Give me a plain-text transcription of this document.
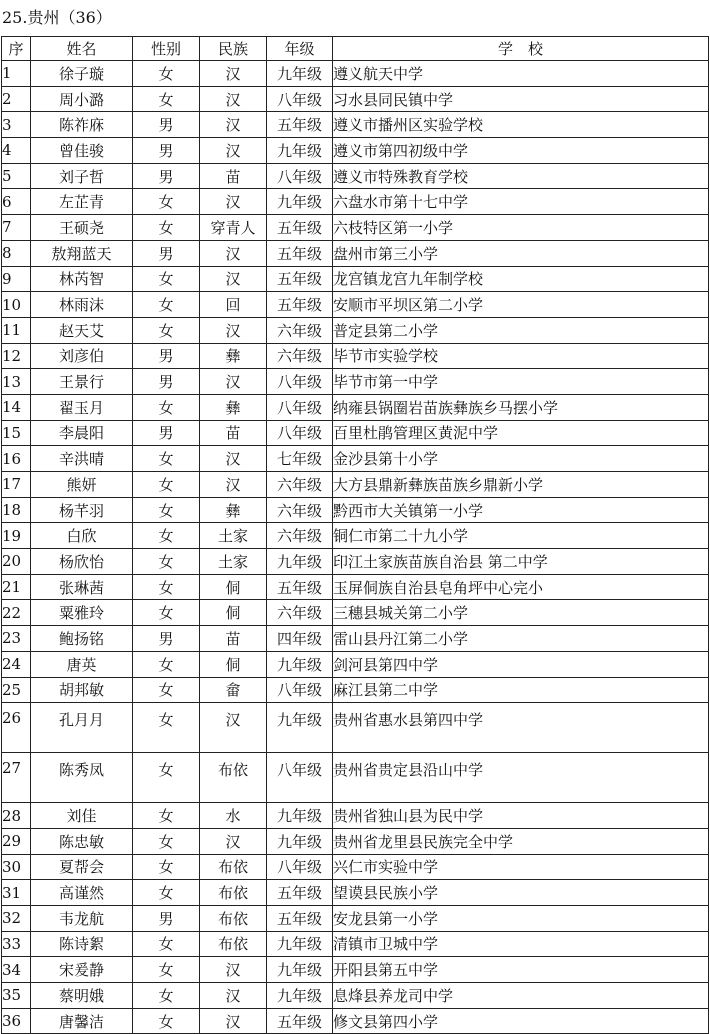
25.贵州（36）
序	姓名	性别	民族	年级	学　校
1	徐子璇	女	汉	九年级	遵义航天中学
2	周小潞	女	汉	八年级	习水县同民镇中学
3	陈祚庥	男	汉	五年级	遵义市播州区实验学校
4	曾佳骏	男	汉	九年级	遵义市第四初级中学
5	刘子哲	男	苗	八年级	遵义市特殊教育学校
6	左芷青	女	汉	九年级	六盘水市第十七中学
7	王硕尧	女	穿青人	五年级	六枝特区第一小学
8	敖翔蓝天	男	汉	五年级	盘州市第三小学
9	林芮智	女	汉	五年级	龙宫镇龙宫九年制学校
10	林雨沫	女	回	五年级	安顺市平坝区第二小学
11	赵天艾	女	汉	六年级	普定县第二小学
12	刘彦伯	男	彝	六年级	毕节市实验学校
13	王景行	男	汉	八年级	毕节市第一中学
14	翟玉月	女	彝	八年级	纳雍县锅圈岩苗族彝族乡马摆小学
15	李晨阳	男	苗	八年级	百里杜鹃管理区黄泥中学
16	辛洪晴	女	汉	七年级	金沙县第十小学
17	熊妍	女	汉	六年级	大方县鼎新彝族苗族乡鼎新小学
18	杨芊羽	女	彝	六年级	黔西市大关镇第一小学
19	白欣	女	土家	六年级	铜仁市第二十九小学
20	杨欣怡	女	土家	九年级	印江土家族苗族自治县 第二中学
21	张琳茜	女	侗	五年级	玉屏侗族自治县皂角坪中心完小
22	粟雅玲	女	侗	六年级	三穗县城关第二小学
23	鲍扬铭	男	苗	四年级	雷山县丹江第二小学
24	唐英	女	侗	九年级	剑河县第四中学
25	胡邦敏	女	畲	八年级	麻江县第二中学
26	孔月月	女	汉	九年级	贵州省惠水县第四中学
27	陈秀凤	女	布依	八年级	贵州省贵定县沿山中学
28	刘佳	女	水	九年级	贵州省独山县为民中学
29	陈忠敏	女	汉	九年级	贵州省龙里县民族完全中学
30	夏帮会	女	布依	八年级	兴仁市实验中学
31	高谨然	女	布依	五年级	望谟县民族小学
32	韦龙航	男	布依	五年级	安龙县第一小学
33	陈诗絮	女	布依	九年级	清镇市卫城中学
34	宋爰静	女	汉	九年级	开阳县第五中学
35	蔡明娥	女	汉	九年级	息烽县养龙司中学
36	唐馨洁	女	汉	五年级	修文县第四小学
